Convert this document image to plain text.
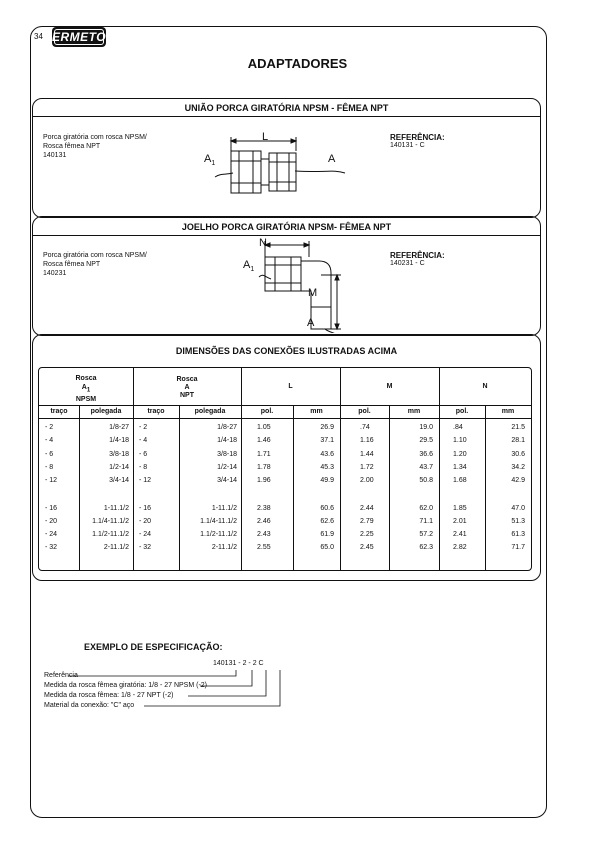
34 ERMETO
ADAPTADORES
UNIÃO PORCA GIRATÓRIA NPSM - FÊMEA NPT
Porca giratória com rosca NPSM/
Rosca fêmea NPT
140131
REFERÊNCIA:
140131 - C
$A_1$
L
A
JOELHO PORCA GIRATÓRIA NPSM- FÊMEA NPT
Porca giratória com rosca NPSM/
Rosca fêmea NPT
140231
REFERÊNCIA:
140231 - C
$A_1$
N
M
A
DIMENSÕES DAS CONEXÕES ILUSTRADAS ACIMA
Rosca
$A_1$
NPSM
Rosca
A
NPT
L	M	N
traço	polegada	traço	polegada	pol.	mm	pol.	mm	pol.	mm
- 2	1/8-27	- 2	1/8-27	1.05	26.9	.74	19.0	.84	21.5
- 4	1/4-18	- 4	1/4-18	1.46	37.1	1.16	29.5	1.10	28.1
- 6	3/8-18	- 6	3/8-18	1.71	43.6	1.44	36.6	1.20	30.6
- 8	1/2-14	- 8	1/2-14	1.78	45.3	1.72	43.7	1.34	34.2
- 12	3/4-14	- 12	3/4-14	1.96	49.9	2.00	50.8	1.68	42.9
- 16	1-11.1/2	- 16	1-11.1/2	2.38	60.6	2.44	62.0	1.85	47.0
- 20	1.1/4-11.1/2	- 20	1.1/4-11.1/2	2.46	62.6	2.79	71.1	2.01	51.3
- 24	1.1/2-11.1/2	- 24	1.1/2-11.1/2	2.43	61.9	2.25	57.2	2.41	61.3
- 32	2-11.1/2	- 32	2-11.1/2	2.55	65.0	2.45	62.3	2.82	71.7
EXEMPLO DE ESPECIFICAÇÃO:
140131 - 2 - 2 C
Referência
Medida da rosca fêmea giratória: 1/8 - 27 NPSM (-2)
Medida da rosca fêmea: 1/8 - 27 NPT (-2)
Material da conexão: "C" aço
